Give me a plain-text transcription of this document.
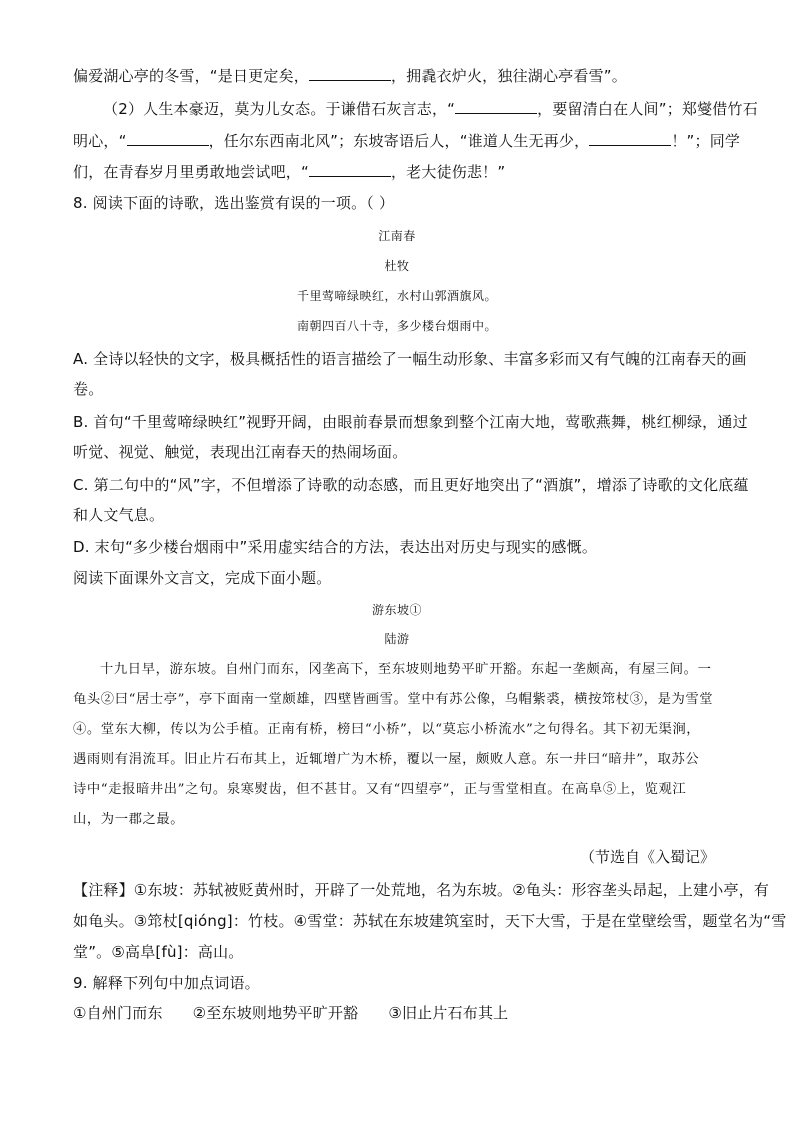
偏爱湖心亭的冬雪，“是日更定矣，	，拥毳衣炉火，独往湖心亭看雪”。
（2）人生本豪迈，莫为儿女态。于谦借石灰言志，“	，要留清白在人间”；郑燮借竹石
明心，“	，任尔东西南北风”；东坡寄语后人，“谁道人生无再少，	！”；同学
们，在青春岁月里勇敢地尝试吧，“	，老大徒伤悲！”
8. 阅读下面的诗歌，选出鉴赏有误的一项。（ ）
江南春
杜牧
千里莺啼绿映红，水村山郭酒旗风。
南朝四百八十寺，多少楼台烟雨中。
A. 全诗以轻快的文字，极具概括性的语言描绘了一幅生动形象、丰富多彩而又有气魄的江南春天的画
卷。
B. 首句“千里莺啼绿映红”视野开阔，由眼前春景而想象到整个江南大地，莺歌燕舞，桃红柳绿，通过
听觉、视觉、触觉，表现出江南春天的热闹场面。
C. 第二句中的“风”字，不但增添了诗歌的动态感，而且更好地突出了“酒旗”，增添了诗歌的文化底蕴
和人文气息。
D. 末句“多少楼台烟雨中”采用虚实结合的方法，表达出对历史与现实的感慨。
阅读下面课外文言文，完成下面小题。
游东坡①
陆游
十九日早，游东坡。自州门而东，冈垄高下，至东坡则地势平旷开豁。东起一垄颇高，有屋三间。一
龟头②曰“居士亭”，亭下面南一堂颇雄，四壁皆画雪。堂中有苏公像，乌帽紫裘，横按筇杖③，是为雪堂
④。堂东大柳，传以为公手植。正南有桥，榜曰“小桥”，以“莫忘小桥流水”之句得名。其下初无渠涧，
遇雨则有涓流耳。旧止片石布其上，近辄增广为木桥，覆以一屋，颇败人意。东一井曰“暗井”，取苏公
诗中“走报暗井出”之句。泉寒熨齿，但不甚甘。又有“四望亭”，正与雪堂相直。在高阜⑤上，览观江
山，为一郡之最。
（节选自《入蜀记》
【注释】①东坡：苏轼被贬黄州时，开辟了一处荒地，名为东坡。②龟头：形容垄头昂起，上建小亭，有
如龟头。③筇杖[qióng]：竹枝。④雪堂：苏轼在东坡建筑室时，天下大雪，于是在堂壁绘雪，题堂名为“雪
堂”。⑤高阜[fù]：高山。
9. 解释下列句中加点词语。
①自州门而东 ②至东坡则地势平旷开豁 ③旧止片石布其上
